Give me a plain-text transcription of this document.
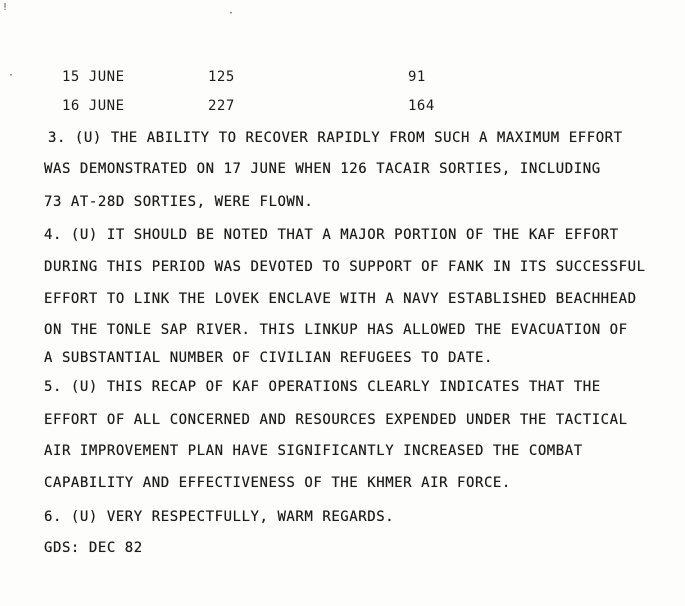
!
·
·	15 JUNE	125	91
16 JUNE	227	164
3. (U) THE ABILITY TO RECOVER RAPIDLY FROM SUCH A MAXIMUM EFFORT
WAS DEMONSTRATED ON 17 JUNE WHEN 126 TACAIR SORTIES, INCLUDING
73 AT-28D SORTIES, WERE FLOWN.
4. (U) IT SHOULD BE NOTED THAT A MAJOR PORTION OF THE KAF EFFORT
DURING THIS PERIOD WAS DEVOTED TO SUPPORT OF FANK IN ITS SUCCESSFUL
EFFORT TO LINK THE LOVEK ENCLAVE WITH A NAVY ESTABLISHED BEACHHEAD
ON THE TONLE SAP RIVER. THIS LINKUP HAS ALLOWED THE EVACUATION OF
A SUBSTANTIAL NUMBER OF CIVILIAN REFUGEES TO DATE.
5. (U) THIS RECAP OF KAF OPERATIONS CLEARLY INDICATES THAT THE
EFFORT OF ALL CONCERNED AND RESOURCES EXPENDED UNDER THE TACTICAL
AIR IMPROVEMENT PLAN HAVE SIGNIFICANTLY INCREASED THE COMBAT
CAPABILITY AND EFFECTIVENESS OF THE KHMER AIR FORCE.
6. (U) VERY RESPECTFULLY, WARM REGARDS.
GDS: DEC 82
